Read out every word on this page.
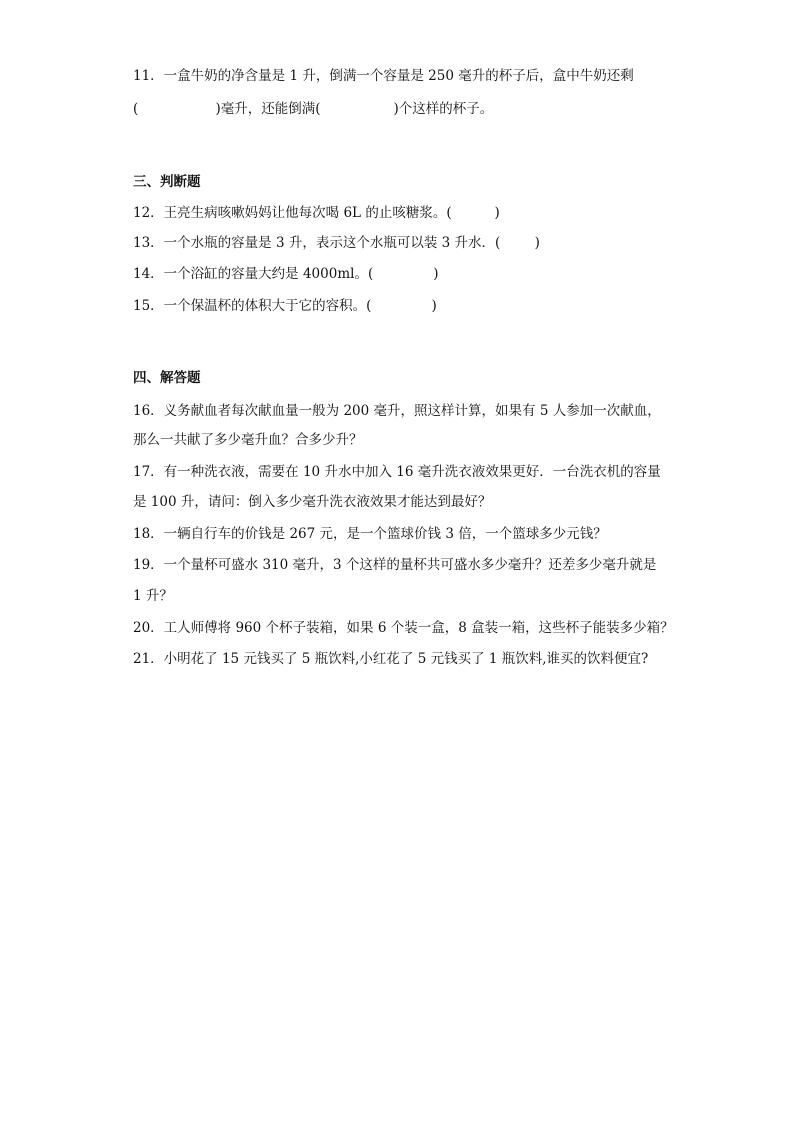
11．一盒牛奶的净含量是 1 升，倒满一个容量是 250 毫升的杯子后，盒中牛奶还剩
(                  )毫升，还能倒满(                 )个这样的杯子。
三、判断题
12．王亮生病咳嗽妈妈让他每次喝 6L 的止咳糖浆。(          )
13．一个水瓶的容量是 3 升，表示这个水瓶可以装 3 升水．(        )
14．一个浴缸的容量大约是 4000ml。(              )
15．一个保温杯的体积大于它的容积。(              )
四、解答题
16．义务献血者每次献血量一般为 200 毫升，照这样计算，如果有 5 人参加一次献血，
那么一共献了多少毫升血？合多少升？
17．有一种洗衣液，需要在 10 升水中加入 16 毫升洗衣液效果更好．一台洗衣机的容量
是 100 升，请问：倒入多少毫升洗衣液效果才能达到最好？
18．一辆自行车的价钱是 267 元，是一个篮球价钱 3 倍，一个篮球多少元钱？
19．一个量杯可盛水 310 毫升，3 个这样的量杯共可盛水多少毫升？还差多少毫升就是
1 升？
20．工人师傅将 960 个杯子装箱，如果 6 个装一盒，8 盒装一箱，这些杯子能装多少箱？
21．小明花了 15 元钱买了 5 瓶饮料,小红花了 5 元钱买了 1 瓶饮料,谁买的饮料便宜?
